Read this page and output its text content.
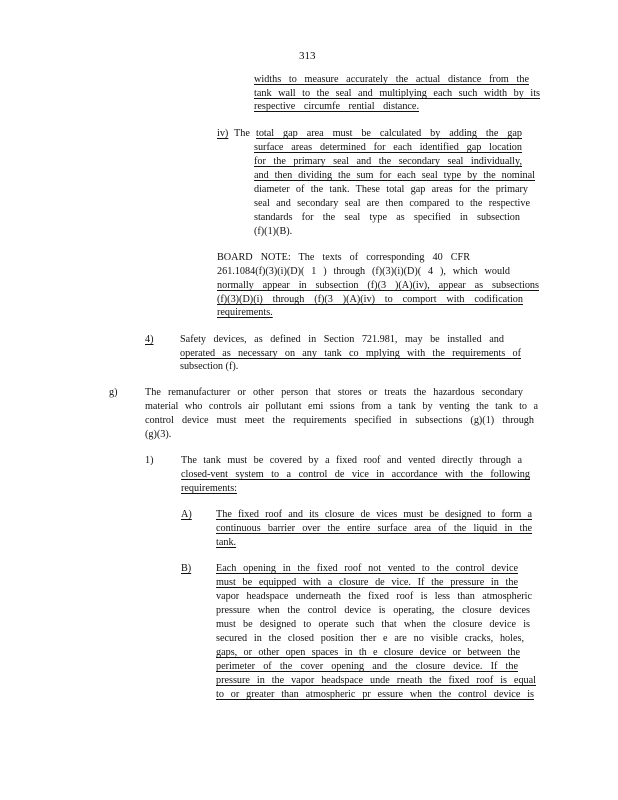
313
widths to measure accurately the actual distance from the
tank wall to the seal and multiplying each such width by its
respective circumfe rential distance.
iv) The total gap area must be calculated by adding the gap
surface areas determined for each identified gap location
for the primary seal and the secondary seal individually,
and then dividing the sum for each seal type by the nominal
diameter of the tank. These total gap areas for the primary
seal and secondary seal are then compared to the respective
standards for the seal type as specified in subsection
(f)(1)(B).
BOARD NOTE: The texts of corresponding 40 CFR
261.1084(f)(3)(i)(D)( 1 ) through (f)(3)(i)(D)( 4 ), which would
normally appear in subsection (f)(3 )(A)(iv), appear as subsections
(f)(3)(D)(i) through (f)(3 )(A)(iv) to comport with codification
requirements.
4)	Safety devices, as defined in Section 721.981, may be installed and
operated as necessary on any tank co mplying with the requirements of
subsection (f).
g)	The remanufacturer or other person that stores or treats the hazardous secondary
material who controls air pollutant emi ssions from a tank by venting the tank to a
control device must meet the requirements specified in subsections (g)(1) through
(g)(3).
1)	The tank must be covered by a fixed roof and vented directly through a
closed-vent system to a control de vice in accordance with the following
requirements:
A) The fixed roof and its closure de vices must be designed to form a
continuous barrier over the entire surface area of the liquid in the
tank.
B) Each opening in the fixed roof not vented to the control device
must be equipped with a closure de vice. If the pressure in the
vapor headspace underneath the fixed roof is less than atmospheric
pressure when the control device is operating, the closure devices
must be designed to operate such that when the closure device is
secured in the closed position ther e are no visible cracks, holes,
gaps, or other open spaces in th e closure device or between the
perimeter of the cover opening and the closure device. If the
pressure in the vapor headspace unde rneath the fixed roof is equal
to or greater than atmospheric pr essure when the control device is
